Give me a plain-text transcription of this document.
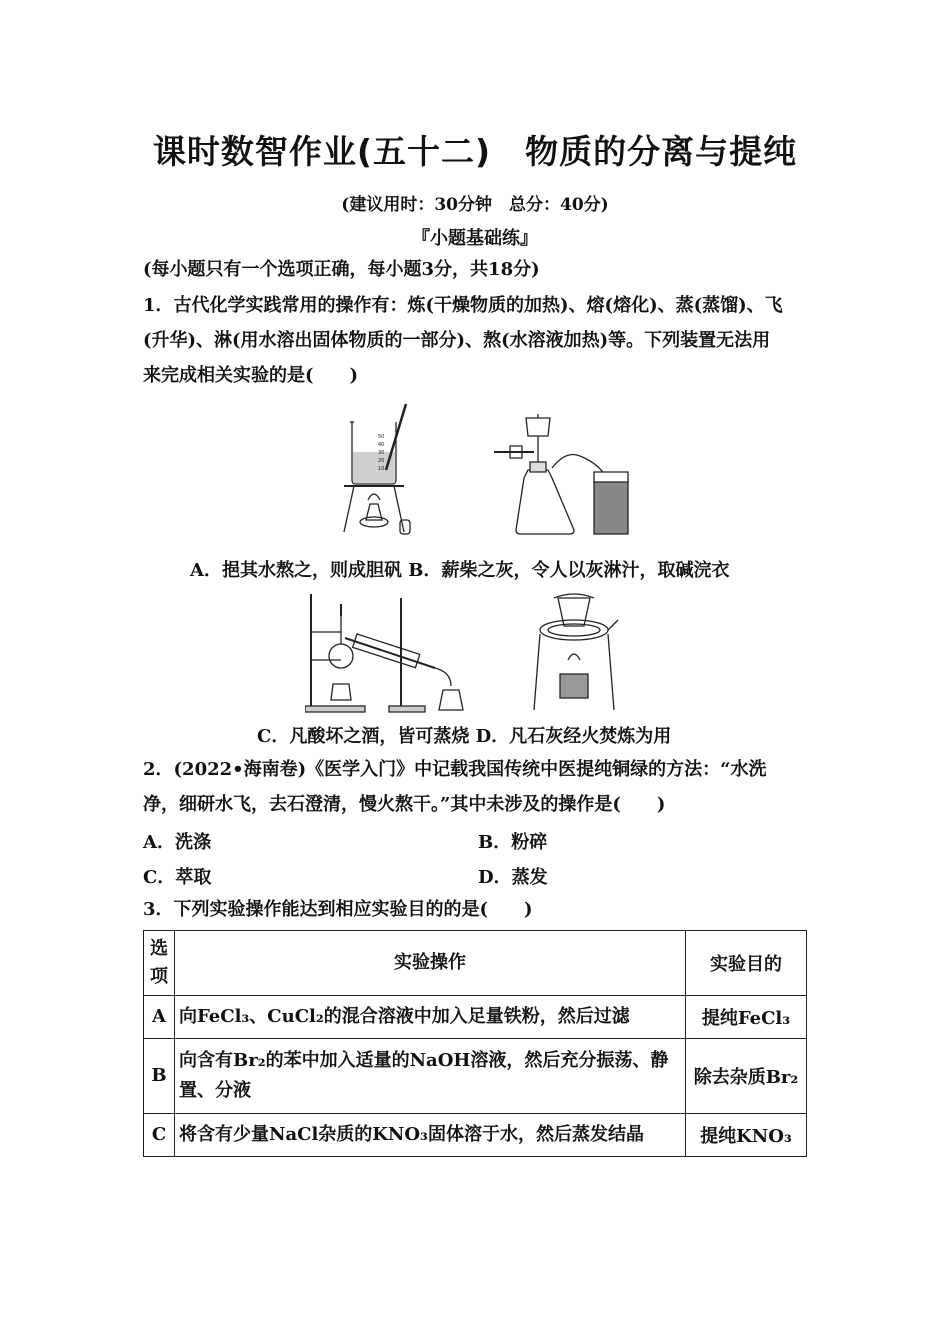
课时数智作业(五十二)　物质的分离与提纯
(建议用时：30分钟　总分：40分)
『小题基础练』
(每小题只有一个选项正确，每小题3分，共18分)
1．古代化学实践常用的操作有：炼(干燥物质的加热)、熔(熔化)、蒸(蒸馏)、飞
(升华)、淋(用水溶出固体物质的一部分)、熬(水溶液加热)等。下列装置无法用
来完成相关实验的是(　　)
50
40
30
20
10
A．挹其水熬之，则成胆矾 B．薪柴之灰，令人以灰淋汁，取碱浣衣
C．凡酸坏之酒，皆可蒸烧 D．凡石灰经火焚炼为用
2．(2022•海南卷)《医学入门》中记载我国传统中医提纯铜绿的方法：“水洗
净，细研水飞，去石澄清，慢火熬干。”其中未涉及的操作是(　　)
A．洗涤	B．粉碎
C．萃取	D．蒸发
3．下列实验操作能达到相应实验目的的是(　　)
选项	实验操作	实验目的
A	向FeCl₃、CuCl₂的混合溶液中加入足量铁粉，然后过滤	提纯FeCl₃
B	向含有Br₂的苯中加入适量的NaOH溶液，然后充分振荡、静置、分液	除去杂质Br₂
C	将含有少量NaCl杂质的KNO₃固体溶于水，然后蒸发结晶	提纯KNO₃
